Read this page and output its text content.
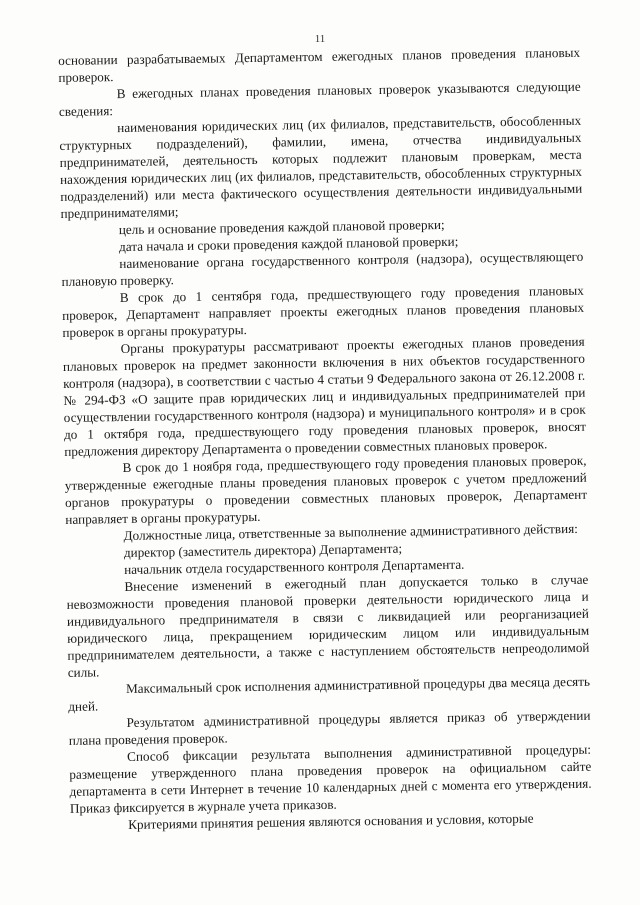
11

основании разрабатываемых Департаментом ежегодных планов проведения плановых проверок.

В ежегодных планах проведения плановых проверок указываются следующие сведения:

наименования юридических лиц (их филиалов, представительств, обособленных структурных подразделений), фамилии, имена, отчества индивидуальных предпринимателей, деятельность которых подлежит плановым проверкам, места нахождения юридических лиц (их филиалов, представительств, обособленных структурных подразделений) или места фактического осуществления деятельности индивидуальными предпринимателями;

цель и основание проведения каждой плановой проверки;

дата начала и сроки проведения каждой плановой проверки;

наименование органа государственного контроля (надзора), осуществляющего плановую проверку.

В срок до 1 сентября года, предшествующего году проведения плановых проверок, Департамент направляет проекты ежегодных планов проведения плановых проверок в органы прокуратуры.

Органы прокуратуры рассматривают проекты ежегодных планов проведения плановых проверок на предмет законности включения в них объектов государственного контроля (надзора), в соответствии с частью 4 статьи 9 Федерального закона от 26.12.2008 г. № 294-ФЗ «О защите прав юридических лиц и индивидуальных предпринимателей при осуществлении государственного контроля (надзора) и муниципального контроля» и в срок до 1 октября года, предшествующего году проведения плановых проверок, вносят предложения директору Департамента о проведении совместных плановых проверок.

В срок до 1 ноября года, предшествующего году проведения плановых проверок, утвержденные ежегодные планы проведения плановых проверок с учетом предложений органов прокуратуры о проведении совместных плановых проверок, Департамент направляет в органы прокуратуры.

Должностные лица, ответственные за выполнение административного действия:

директор (заместитель директора) Департамента;

начальник отдела государственного контроля Департамента.

Внесение изменений в ежегодный план допускается только в случае невозможности проведения плановой проверки деятельности юридического лица и индивидуального предпринимателя в связи с ликвидацией или реорганизацией юридического лица, прекращением юридическим лицом или индивидуальным предпринимателем деятельности, а также с наступлением обстоятельств непреодолимой силы.

Максимальный срок исполнения административной процедуры два месяца десять дней.

Результатом административной процедуры является приказ об утверждении плана проведения проверок.

Способ фиксации результата выполнения административной процедуры: размещение утвержденного плана проведения проверок на официальном сайте департамента в сети Интернет в течение 10 календарных дней с момента его утверждения. Приказ фиксируется в журнале учета приказов.

Критериями принятия решения являются основания и условия, которые
